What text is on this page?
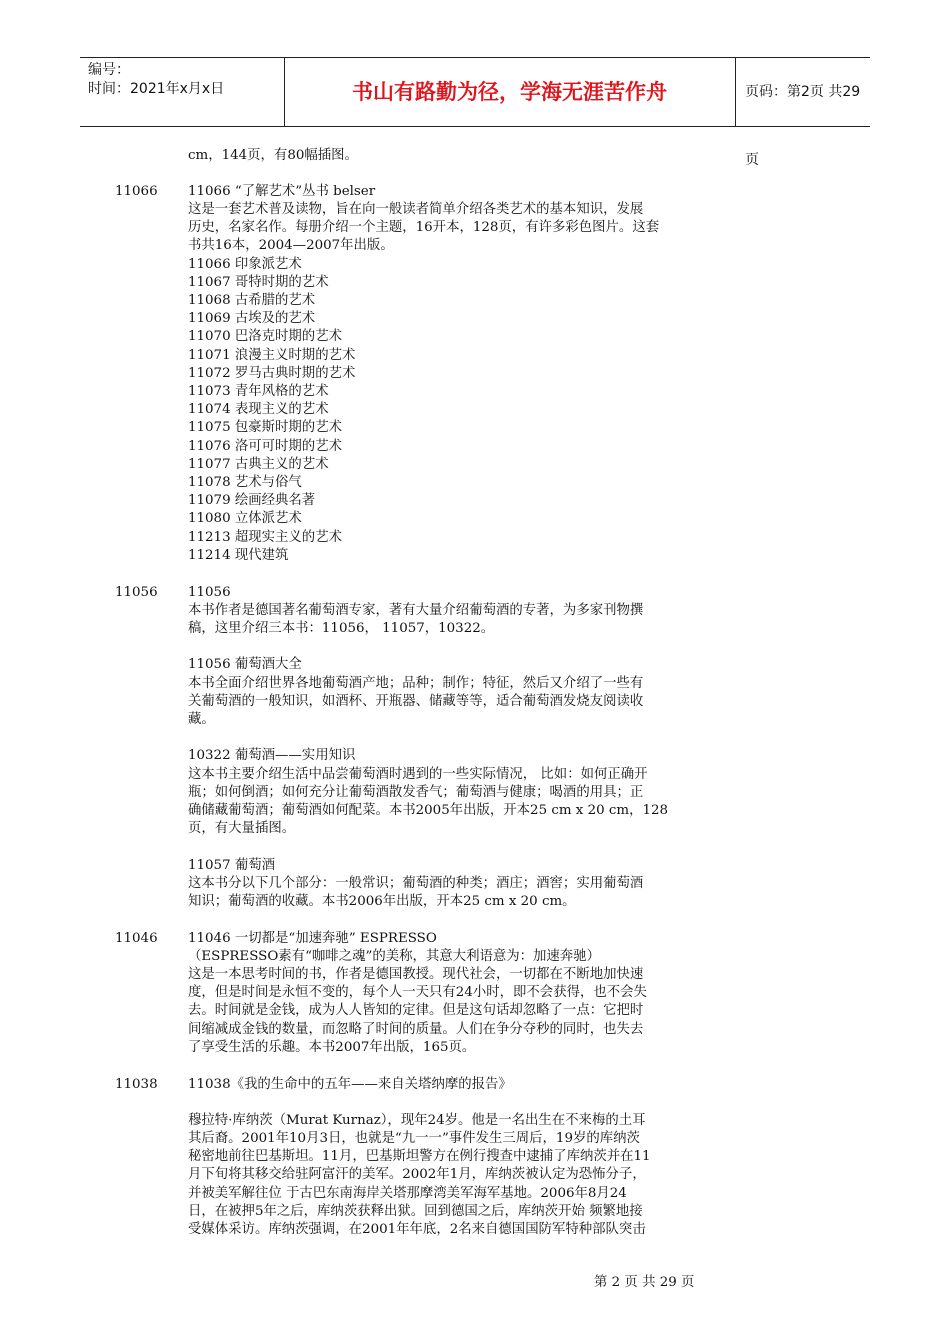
编号：
时间：2021年x月x日	书山有路勤为径，学海无涯苦作舟	页码：第2页 共29页
11066
11056
11046
11038
cm，144页，有80幅插图。
11066 “了解艺术”丛书 belser
这是一套艺术普及读物，旨在向一般读者简单介绍各类艺术的基本知识，发展
历史，名家名作。每册介绍一个主题，16开本，128页，有许多彩色图片。这套
书共16本，2004—2007年出版。
11066 印象派艺术
11067 哥特时期的艺术
11068 古希腊的艺术
11069 古埃及的艺术
11070 巴洛克时期的艺术
11071 浪漫主义时期的艺术
11072 罗马古典时期的艺术
11073 青年风格的艺术
11074 表现主义的艺术
11075 包豪斯时期的艺术
11076 洛可可时期的艺术
11077 古典主义的艺术
11078 艺术与俗气
11079 绘画经典名著
11080 立体派艺术
11213 超现实主义的艺术
11214 现代建筑
11056
本书作者是德国著名葡萄酒专家，著有大量介绍葡萄酒的专著，为多家刊物撰
稿，这里介绍三本书：11056， 11057，10322。
11056 葡萄酒大全
本书全面介绍世界各地葡萄酒产地；品种；制作；特征，然后又介绍了一些有
关葡萄酒的一般知识，如酒杯、开瓶器、储藏等等，适合葡萄酒发烧友阅读收
藏。
10322 葡萄酒——实用知识
这本书主要介绍生活中品尝葡萄酒时遇到的一些实际情况， 比如：如何正确开
瓶；如何倒酒；如何充分让葡萄酒散发香气；葡萄酒与健康；喝酒的用具；正
确储藏葡萄酒；葡萄酒如何配菜。本书2005年出版，开本25 cm x 20 cm，128
页，有大量插图。
11057 葡萄酒
这本书分以下几个部分：一般常识；葡萄酒的种类；酒庄；酒窖；实用葡萄酒
知识；葡萄酒的收藏。本书2006年出版，开本25 cm x 20 cm。
11046 一切都是“加速奔驰” ESPRESSO
（ESPRESSO素有“咖啡之魂”的美称，其意大利语意为：加速奔驰）
这是一本思考时间的书，作者是德国教授。现代社会，一切都在不断地加快速
度，但是时间是永恒不变的，每个人一天只有24小时，即不会获得，也不会失
去。时间就是金钱，成为人人皆知的定律。但是这句话却忽略了一点：它把时
间缩减成金钱的数量，而忽略了时间的质量。人们在争分夺秒的同时，也失去
了享受生活的乐趣。本书2007年出版，165页。
11038《我的生命中的五年——来自关塔纳摩的报告》
穆拉特·库纳茨（Murat Kurnaz），现年24岁。他是一名出生在不来梅的土耳
其后裔。2001年10月3日，也就是“九一一”事件发生三周后，19岁的库纳茨
秘密地前往巴基斯坦。11月，巴基斯坦警方在例行搜查中逮捕了库纳茨并在11
月下旬将其移交给驻阿富汗的美军。2002年1月，库纳茨被认定为恐怖分子，
并被美军解往位 于古巴东南海岸关塔那摩湾美军海军基地。2006年8月24
日，在被押5年之后，库纳茨获释出狱。回到德国之后，库纳茨开始 频繁地接
受媒体采访。库纳茨强调，在2001年年底，2名来自德国国防军特种部队突击
第 2 页 共 29 页
